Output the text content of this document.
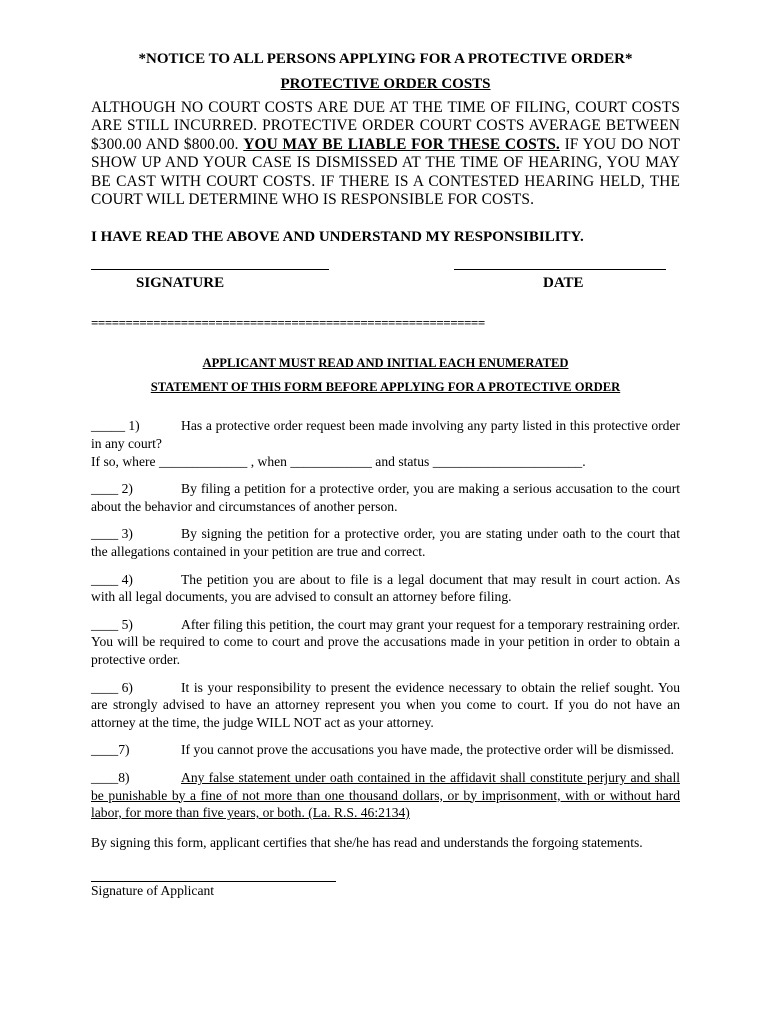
*NOTICE TO ALL PERSONS APPLYING FOR A PROTECTIVE ORDER*

PROTECTIVE ORDER COSTS

ALTHOUGH NO COURT COSTS ARE DUE AT THE TIME OF FILING, COURT COSTS ARE STILL INCURRED. PROTECTIVE ORDER COURT COSTS AVERAGE BETWEEN $300.00 AND $800.00. YOU MAY BE LIABLE FOR THESE COSTS. IF YOU DO NOT SHOW UP AND YOUR CASE IS DISMISSED AT THE TIME OF HEARING, YOU MAY BE CAST WITH COURT COSTS. IF THERE IS A CONTESTED HEARING HELD, THE COURT WILL DETERMINE WHO IS RESPONSIBLE FOR COSTS.

I HAVE READ THE ABOVE AND UNDERSTAND MY RESPONSIBILITY.

SIGNATURE	DATE
=========================================================

APPLICANT MUST READ AND INITIAL EACH ENUMERATED

STATEMENT OF THIS FORM BEFORE APPLYING FOR A PROTECTIVE ORDER

_____ 1)	Has a protective order request been made involving any party listed in this protective order in any court?
If so, where _____________ , when ____________ and status ______________________.

____ 2)	By filing a petition for a protective order, you are making a serious accusation to the court about the behavior and circumstances of another person.

____ 3)	By signing the petition for a protective order, you are stating under oath to the court that the allegations contained in your petition are true and correct.

____ 4)	The petition you are about to file is a legal document that may result in court action. As with all legal documents, you are advised to consult an attorney before filing.

____ 5)	After filing this petition, the court may grant your request for a temporary restraining order. You will be required to come to court and prove the accusations made in your petition in order to obtain a protective order.

____ 6)	It is your responsibility to present the evidence necessary to obtain the relief sought. You are strongly advised to have an attorney represent you when you come to court. If you do not have an attorney at the time, the judge WILL NOT act as your attorney.

____7)	If you cannot prove the accusations you have made, the protective order will be dismissed.

____8)	Any false statement under oath contained in the affidavit shall constitute perjury and shall be punishable by a fine of not more than one thousand dollars, or by imprisonment, with or without hard labor, for more than five years, or both. (La. R.S. 46:2134)

By signing this form, applicant certifies that she/he has read and understands the forgoing statements.

Signature of Applicant
